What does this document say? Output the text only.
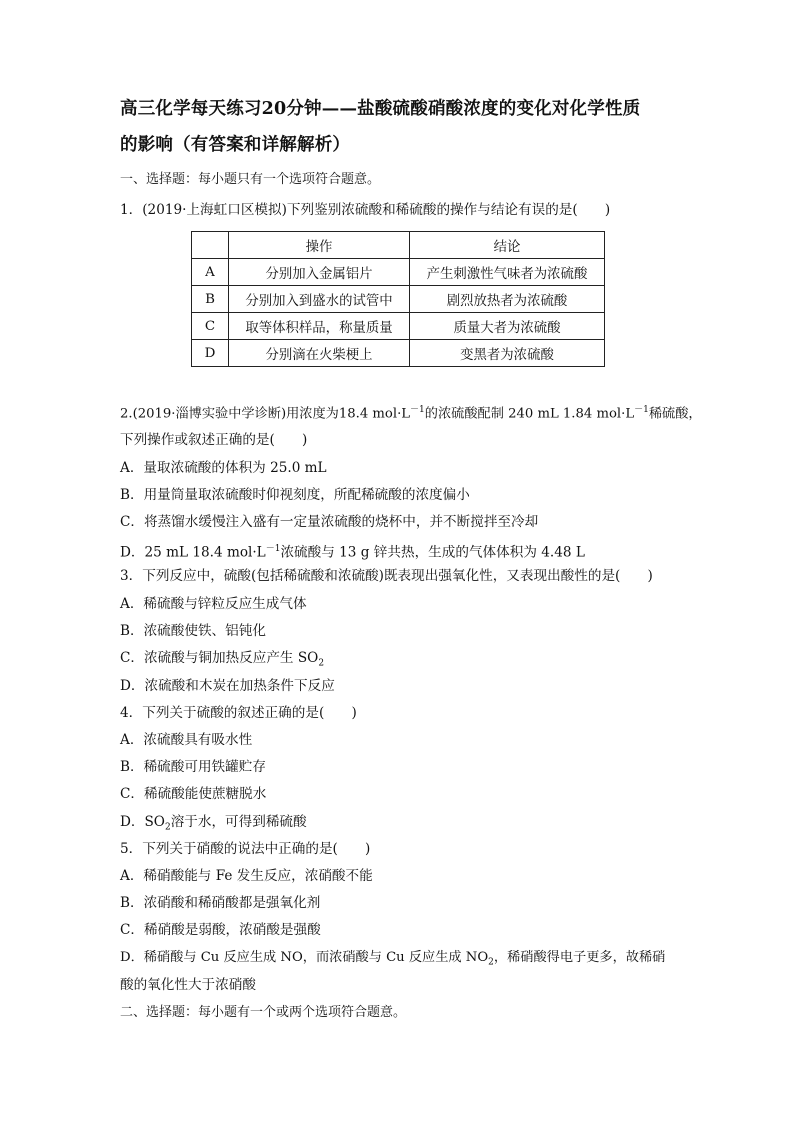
高三化学每天练习20分钟——盐酸硫酸硝酸浓度的变化对化学性质
的影响（有答案和详解解析）
一、选择题：每小题只有一个选项符合题意。
1．(2019·上海虹口区模拟)下列鉴别浓硫酸和稀硫酸的操作与结论有误的是(　　)
	操作	结论
A	分别加入金属铝片	产生刺激性气味者为浓硫酸
B	分别加入到盛水的试管中	剧烈放热者为浓硫酸
C	取等体积样品，称量质量	质量大者为浓硫酸
D	分别滴在火柴梗上	变黑者为浓硫酸
2.(2019·淄博实验中学诊断)用浓度为18.4 $mol\cdot L^{-1}$的浓硫酸配制 240 mL 1.84 $mol\cdot L^{-1}$稀硫酸，
下列操作或叙述正确的是(　　)
A．量取浓硫酸的体积为 25.0 mL
B．用量筒量取浓硫酸时仰视刻度，所配稀硫酸的浓度偏小
C．将蒸馏水缓慢注入盛有一定量浓硫酸的烧杯中，并不断搅拌至冷却
D．25 mL 18.4 $mol\cdot L^{-1}$浓硫酸与 13 g 锌共热，生成的气体体积为 4.48 L
3．下列反应中，硫酸(包括稀硫酸和浓硫酸)既表现出强氧化性，又表现出酸性的是(　　)
A．稀硫酸与锌粒反应生成气体
B．浓硫酸使铁、铝钝化
C．浓硫酸与铜加热反应产生 $SO_2$
D．浓硫酸和木炭在加热条件下反应
4．下列关于硫酸的叙述正确的是(　　)
A．浓硫酸具有吸水性
B．稀硫酸可用铁罐贮存
C．稀硫酸能使蔗糖脱水
D．$SO_2$溶于水，可得到稀硫酸
5．下列关于硝酸的说法中正确的是(　　)
A．稀硝酸能与 Fe 发生反应，浓硝酸不能
B．浓硝酸和稀硝酸都是强氧化剂
C．稀硝酸是弱酸，浓硝酸是强酸
D．稀硝酸与 Cu 反应生成 NO，而浓硝酸与 Cu 反应生成 $NO_2$，稀硝酸得电子更多，故稀硝
酸的氧化性大于浓硝酸
二、选择题：每小题有一个或两个选项符合题意。
